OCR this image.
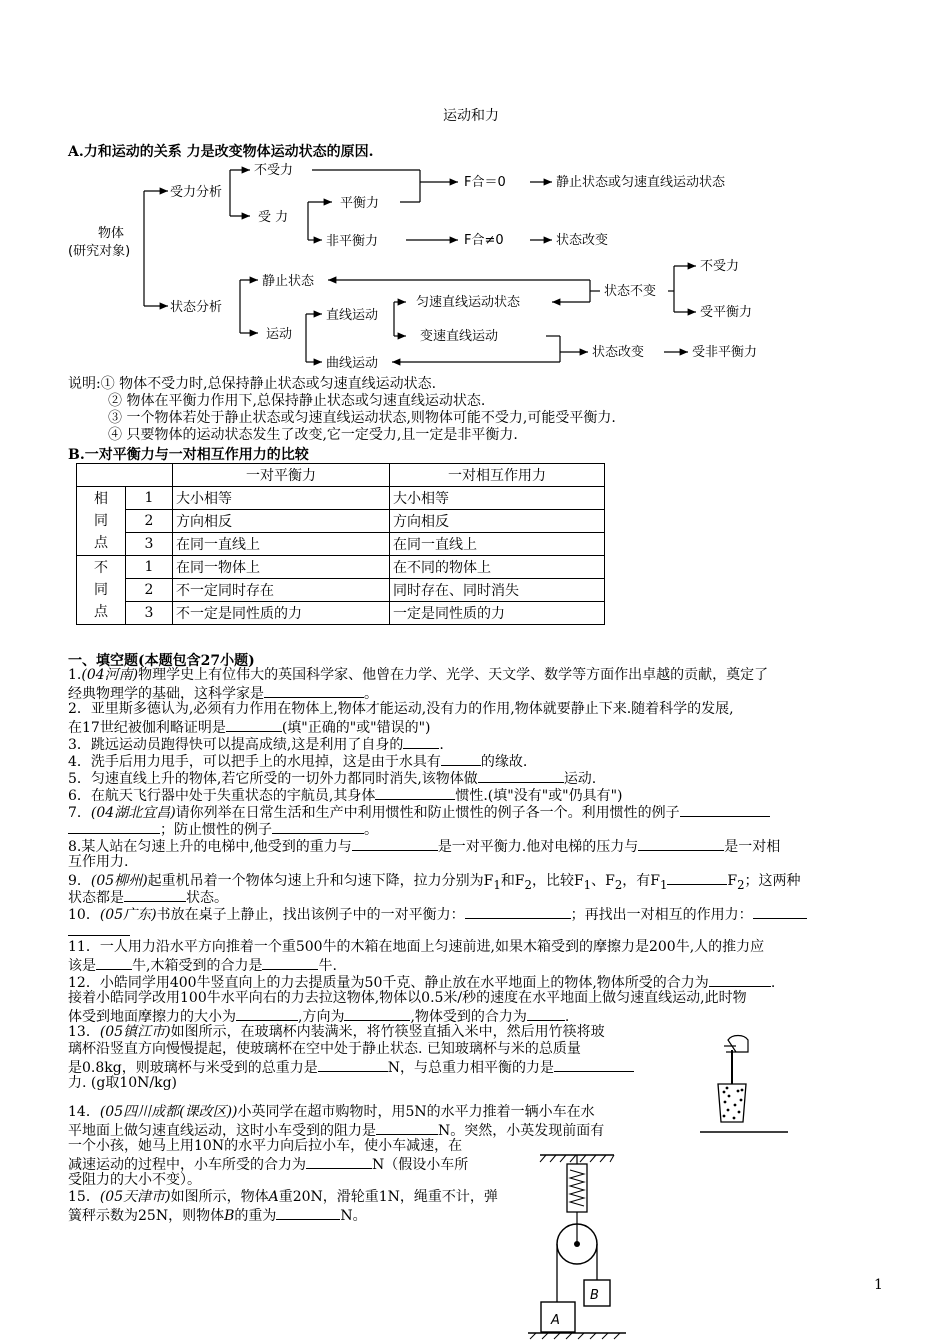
运动和力
A.力和运动的关系 力是改变物体运动状态的原因.
物体
(研究对象)
受力分析
不受力
受 力
平衡力
非平衡力
F合＝0
F合≠0
静止状态或匀速直线运动状态
状态改变
状态分析
静止状态
运动
直线运动
曲线运动
匀速直线运动状态
变速直线运动
状态不变
状态改变
不受力
受平衡力
受非平衡力
说明:① 物体不受力时,总保持静止状态或匀速直线运动状态.
② 物体在平衡力作用下,总保持静止状态或匀速直线运动状态.
③ 一个物体若处于静止状态或匀速直线运动状态,则物体可能不受力,可能受平衡力.
④ 只要物体的运动状态发生了改变,它一定受力,且一定是非平衡力.
B.一对平衡力与一对相互作用力的比较
		一对平衡力	一对相互作用力
相
同
点	1	大小相等	大小相等
	2	方向相反	方向相反
	3	在同一直线上	在同一直线上
不
同
点	1	在同一物体上	在不同的物体上
	2	不一定同时存在	同时存在、同时消失
	3	不一定是同性质的力	一定是同性质的力
一、填空题(本题包含27小题)
1.(04河南)物理学史上有位伟大的英国科学家、他曾在力学、光学、天文学、数学等方面作出卓越的贡献，奠定了
经典物理学的基础，这科学家是	。
2．亚里斯多德认为,必须有力作用在物体上,物体才能运动,没有力的作用,物体就要静止下来.随着科学的发展,
在17世纪被伽利略证明是	(填"正确的"或"错误的")
3．跳远运动员跑得快可以提高成绩,这是利用了自身的	.
4．洗手后用力甩手，可以把手上的水甩掉，这是由于水具有	的缘故.
5．匀速直线上升的物体,若它所受的一切外力都同时消失,该物体做	运动.
6．在航天飞行器中处于失重状态的宇航员,其身体	惯性.(填"没有"或"仍具有")
7．(04湖北宜昌)请你列举在日常生活和生产中利用惯性和防止惯性的例子各一个。利用惯性的例子
；防止惯性的例子	。
8.某人站在匀速上升的电梯中,他受到的重力与	是一对平衡力.他对电梯的压力与	是一对相
互作用力.
9．(05柳州)起重机吊着一个物体匀速上升和匀速下降，拉力分别为$F_1$和$F_2$，比较$F_1$、$F_2$，有$F_1$	$F_2$；这两种
状态都是	状态。
10．(05广东)书放在桌子上静止，找出该例子中的一对平衡力：	；再找出一对相互的作用力：
11．一人用力沿水平方向推着一个重500牛的木箱在地面上匀速前进,如果木箱受到的摩擦力是200牛,人的推力应
该是	牛,木箱受到的合力是	牛.
12．小皓同学用400牛竖直向上的力去提质量为50千克、静止放在水平地面上的物体,物体所受的合力为	.
接着小皓同学改用100牛水平向右的力去拉这物体,物体以0.5米/秒的速度在水平地面上做匀速直线运动,此时物
体受到地面摩擦力的大小为	,方向为	,物体受到的合力为	.
13．(05镇江市)如图所示，在玻璃杯内装满米，将竹筷竖直插入米中，然后用竹筷将玻
璃杯沿竖直方向慢慢提起，使玻璃杯在空中处于静止状态. 已知玻璃杯与米的总质量
是0.8kg，则玻璃杯与米受到的总重力是	N，与总重力相平衡的力是
力. (g取10N/kg)
14．(05四川成都(课改区))小英同学在超市购物时，用5N的水平力推着一辆小车在水
平地面上做匀速直线运动，这时小车受到的阻力是	N。突然，小英发现前面有
一个小孩，她马上用10N的水平力向后拉小车，使小车减速，在
减速运动的过程中，小车所受的合力为	N（假设小车所
受阻力的大小不变）。
15．(05天津市)如图所示，物体A重20N，滑轮重1N，绳重不计，弹
簧秤示数为25N，则物体B的重为	N。
A
B
1
